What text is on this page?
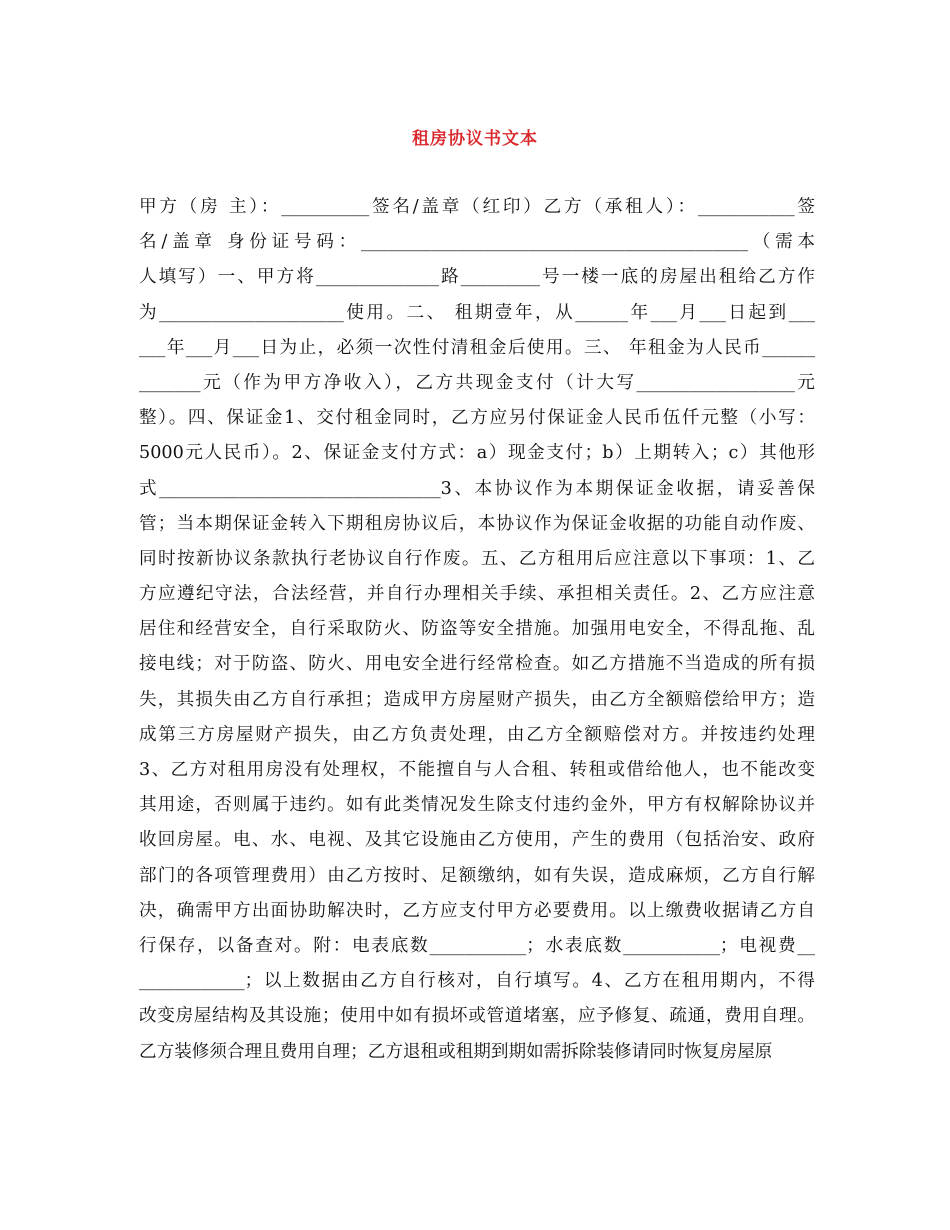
租房协议书文本
甲方（房 主）：__________签名/盖章（红印）乙方（承租人）：___________签
名/盖章 身份证号码：____________________________________________（需本
人填写）一、甲方将______________路_________号一楼一底的房屋出租给乙方作
为_____________________使用。二、 租期壹年，从______年___月___日起到___
___年___月___日为止，必须一次性付清租金后使用。三、 年租金为人民币______
_______元（作为甲方净收入），乙方共现金支付（计大写__________________元
整）。四、保证金1、交付租金同时，乙方应另付保证金人民币伍仟元整（小写：
5000元人民币）。2、保证金支付方式：a）现金支付；b）上期转入；c）其他形
式________________________________3、本协议作为本期保证金收据，请妥善保
管；当本期保证金转入下期租房协议后，本协议作为保证金收据的功能自动作废、
同时按新协议条款执行老协议自行作废。五、乙方租用后应注意以下事项：1、乙
方应遵纪守法，合法经营，并自行办理相关手续、承担相关责任。2、乙方应注意
居住和经营安全，自行采取防火、防盗等安全措施。加强用电安全，不得乱拖、乱
接电线；对于防盗、防火、用电安全进行经常检查。如乙方措施不当造成的所有损
失，其损失由乙方自行承担；造成甲方房屋财产损失，由乙方全额赔偿给甲方；造
成第三方房屋财产损失，由乙方负责处理，由乙方全额赔偿对方。并按违约处理
3、乙方对租用房没有处理权，不能擅自与人合租、转租或借给他人，也不能改变
其用途，否则属于违约。如有此类情况发生除支付违约金外，甲方有权解除协议并
收回房屋。电、水、电视、及其它设施由乙方使用，产生的费用（包括治安、政府
部门的各项管理费用）由乙方按时、足额缴纳，如有失误，造成麻烦，乙方自行解
决，确需甲方出面协助解决时，乙方应支付甲方必要费用。以上缴费收据请乙方自
行保存，以备查对。附：电表底数___________；水表底数___________；电视费__
____________；以上数据由乙方自行核对，自行填写。4、乙方在租用期内，不得
改变房屋结构及其设施；使用中如有损坏或管道堵塞，应予修复、疏通，费用自理。
乙方装修须合理且费用自理；乙方退租或租期到期如需拆除装修请同时恢复房屋原
